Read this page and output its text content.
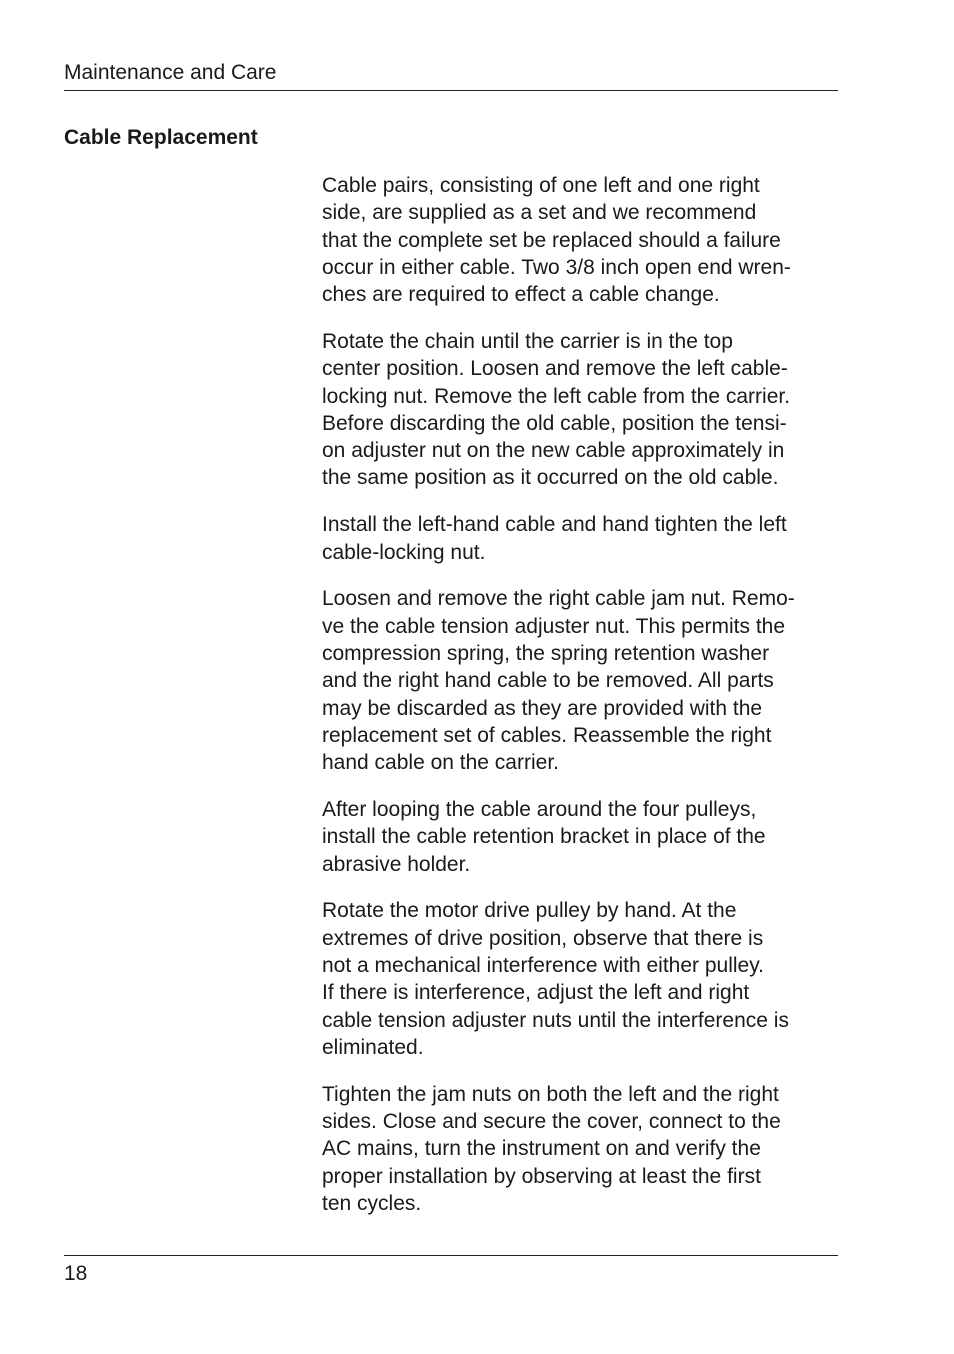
Maintenance and Care
Cable Replacement

Cable pairs, consisting of one left and one right
side, are supplied as a set and we recommend
that the complete set be replaced should a failure
occur in either cable. Two 3/8 inch open end wren-
ches are required to effect a cable change.

Rotate the chain until the carrier is in the top
center position. Loosen and remove the left cable-
locking nut. Remove the left cable from the carrier.
Before discarding the old cable, position the tensi-
on adjuster nut on the new cable approximately in
the same position as it occurred on the old cable.

Install the left-hand cable and hand tighten the left
cable-locking nut.

Loosen and remove the right cable jam nut. Remo-
ve the cable tension adjuster nut. This permits the
compression spring, the spring retention washer
and the right hand cable to be removed. All parts
may be discarded as they are provided with the
replacement set of cables. Reassemble the right
hand cable on the carrier.

After looping the cable around the four pulleys,
install the cable retention bracket in place of the
abrasive holder.

Rotate the motor drive pulley by hand. At the
extremes of drive position, observe that there is
not a mechanical interference with either pulley.
If there is interference, adjust the left and right
cable tension adjuster nuts until the interference is
eliminated.

Tighten the jam nuts on both the left and the right
sides. Close and secure the cover, connect to the
AC mains, turn the instrument on and verify the
proper installation by observing at least the first
ten cycles.

18
